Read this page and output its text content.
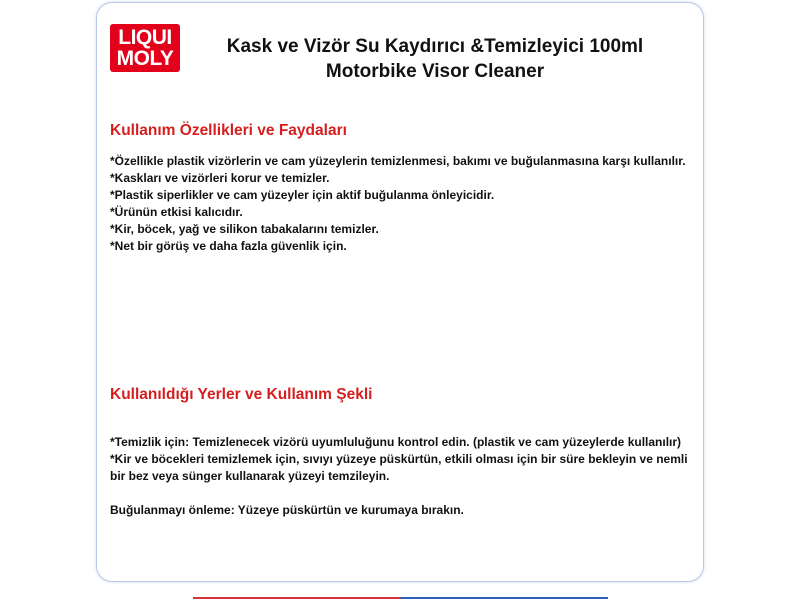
LIQUI
MOLY
Kask ve Vizör Su Kaydırıcı &Temizleyici 100ml
Motorbike Visor Cleaner
Kullanım Özellikleri ve Faydaları
*Özellikle plastik vizörlerin ve cam yüzeylerin temizlenmesi, bakımı ve buğulanmasına karşı kullanılır.
*Kaskları ve vizörleri korur ve temizler.
*Plastik siperlikler ve cam yüzeyler için aktif buğulanma önleyicidir.
*Ürünün etkisi kalıcıdır.
*Kir, böcek, yağ ve silikon tabakalarını temizler.
*Net bir görüş ve daha fazla güvenlik için.
Kullanıldığı Yerler ve Kullanım Şekli
*Temizlik için: Temizlenecek vizörü uyumluluğunu kontrol edin. (plastik ve cam yüzeylerde kullanılır)
*Kir ve böcekleri temizlemek için, sıvıyı yüzeye püskürtün, etkili olması için bir süre bekleyin ve nemli bir bez veya sünger kullanarak yüzeyi temzileyin.
Buğulanmayı önleme: Yüzeye püskürtün ve kurumaya bırakın.
